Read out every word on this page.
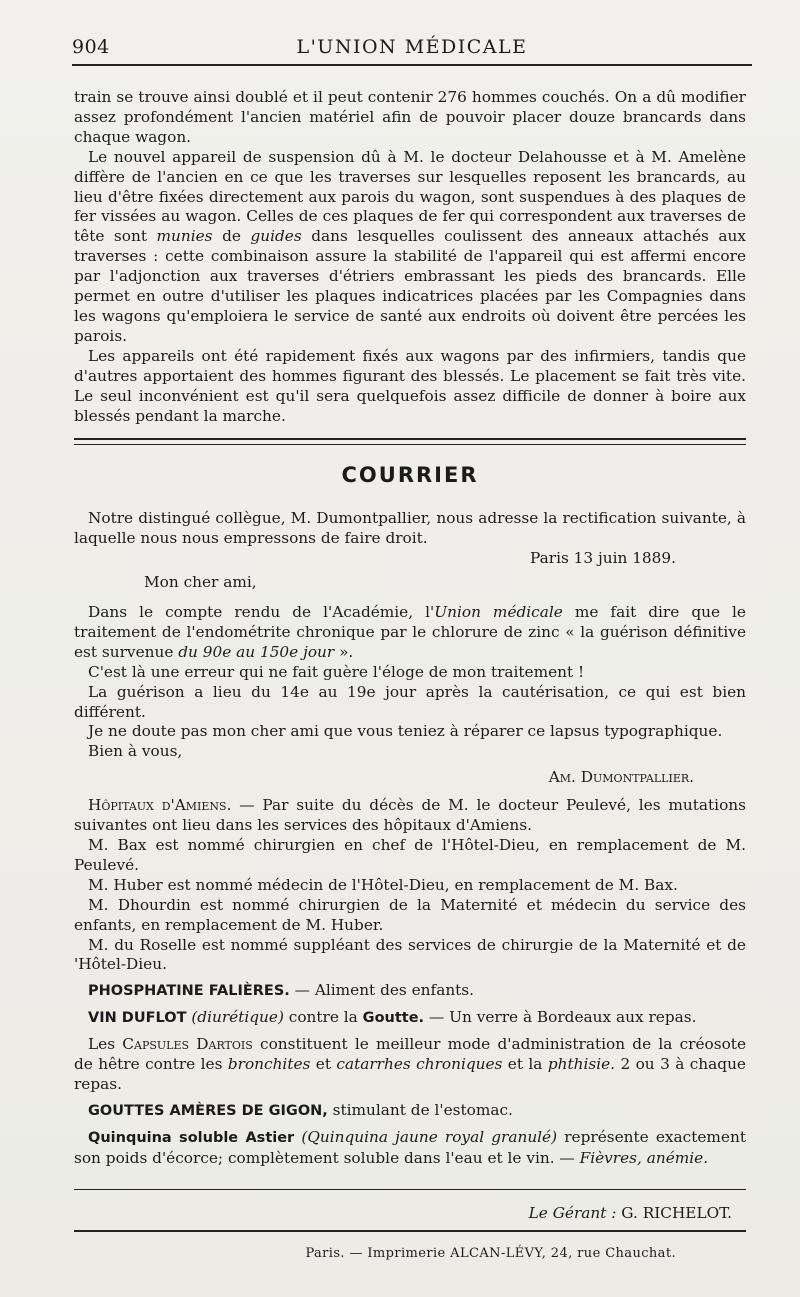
904	L'UNION MÉDICALE

train se trouve ainsi doublé et il peut contenir 276 hommes couchés. On a dû modifier assez profondément l'ancien matériel afin de pouvoir placer douze brancards dans chaque wagon.

Le nouvel appareil de suspension dû à M. le docteur Delahousse et à M. Amelène diffère de l'ancien en ce que les traverses sur lesquelles reposent les brancards, au lieu d'être fixées directement aux parois du wagon, sont suspendues à des plaques de fer vissées au wagon. Celles de ces plaques de fer qui correspondent aux traverses de tête sont munies de guides dans lesquelles coulissent des anneaux attachés aux traverses : cette combinaison assure la stabilité de l'appareil qui est affermi encore par l'adjonction aux traverses d'étriers embrassant les pieds des brancards. Elle permet en outre d'utiliser les plaques indicatrices placées par les Compagnies dans les wagons qu'emploiera le service de santé aux endroits où doivent être percées les parois.

Les appareils ont été rapidement fixés aux wagons par des infirmiers, tandis que d'autres apportaient des hommes figurant des blessés. Le placement se fait très vite. Le seul inconvénient est qu'il sera quelquefois assez difficile de donner à boire aux blessés pendant la marche.

COURRIER

Notre distingué collègue, M. Dumontpallier, nous adresse la rectification suivante, à laquelle nous nous empressons de faire droit.

Paris 13 juin 1889.

Mon cher ami,

Dans le compte rendu de l'Académie, l'Union médicale me fait dire que le traitement de l'endométrite chronique par le chlorure de zinc « la guérison définitive est survenue du 90e au 150e jour ».

C'est là une erreur qui ne fait guère l'éloge de mon traitement !

La guérison a lieu du 14e au 19e jour après la cautérisation, ce qui est bien différent.

Je ne doute pas mon cher ami que vous teniez à réparer ce lapsus typographique.

Bien à vous,

Am. Dumontpallier.

Hôpitaux d'Amiens. — Par suite du décès de M. le docteur Peulevé, les mutations suivantes ont lieu dans les services des hôpitaux d'Amiens.

M. Bax est nommé chirurgien en chef de l'Hôtel-Dieu, en remplacement de M. Peulevé.

M. Huber est nommé médecin de l'Hôtel-Dieu, en remplacement de M. Bax.

M. Dhourdin est nommé chirurgien de la Maternité et médecin du service des enfants, en remplacement de M. Huber.

M. du Roselle est nommé suppléant des services de chirurgie de la Maternité et de 'Hôtel-Dieu.

PHOSPHATINE FALIÈRES. — Aliment des enfants.

VIN DUFLOT (diurétique) contre la Goutte. — Un verre à Bordeaux aux repas.

Les Capsules Dartois constituent le meilleur mode d'administration de la créosote de hêtre contre les bronchites et catarrhes chroniques et la phthisie. 2 ou 3 à chaque repas.

GOUTTES AMÈRES DE GIGON, stimulant de l'estomac.

Quinquina soluble Astier (Quinquina jaune royal granulé) représente exactement son poids d'écorce; complètement soluble dans l'eau et le vin. — Fièvres, anémie.

Le Gérant : G. RICHELOT.

Paris. — Imprimerie ALCAN-LÉVY, 24, rue Chauchat.
